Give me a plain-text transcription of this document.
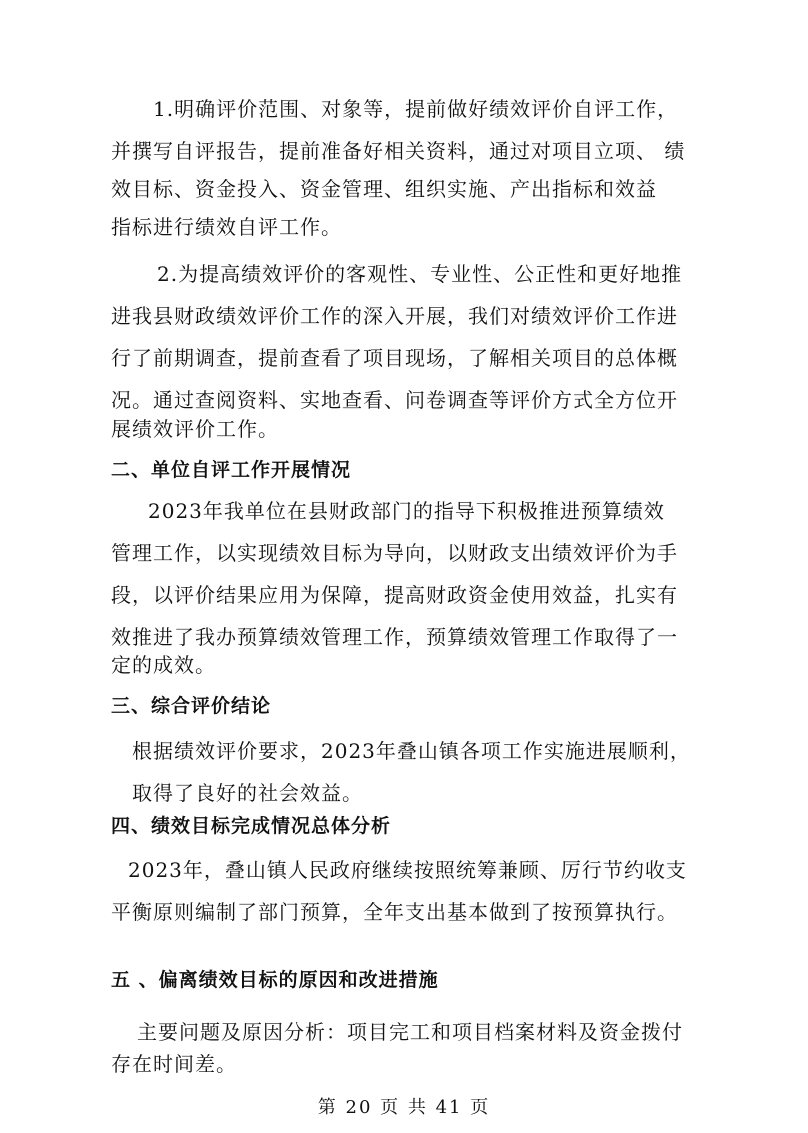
1.明确评价范围、对象等，提前做好绩效评价自评工作，
并撰写自评报告，提前准备好相关资料，通过对项目立项、 绩
效目标、资金投入、资金管理、组织实施、产出指标和效益
指标进行绩效自评工作。
2.为提高绩效评价的客观性、专业性、公正性和更好地推
进我县财政绩效评价工作的深入开展，我们对绩效评价工作进
行了前期调查，提前查看了项目现场，了解相关项目的总体概
况。通过查阅资料、实地查看、问卷调查等评价方式全方位开
展绩效评价工作。
二、单位自评工作开展情况
2023年我单位在县财政部门的指导下积极推进预算绩效
管理工作，以实现绩效目标为导向，以财政支出绩效评价为手
段，以评价结果应用为保障，提高财政资金使用效益，扎实有
效推进了我办预算绩效管理工作，预算绩效管理工作取得了一
定的成效。
三、综合评价结论
根据绩效评价要求，2023年叠山镇各项工作实施进展顺利，
取得了良好的社会效益。
四、绩效目标完成情况总体分析
2023年，叠山镇人民政府继续按照统筹兼顾、厉行节约收支
平衡原则编制了部门预算，全年支出基本做到了按预算执行。
五 、偏离绩效目标的原因和改进措施
主要问题及原因分析：项目完工和项目档案材料及资金拨付
存在时间差。
第 20 页 共 41 页
